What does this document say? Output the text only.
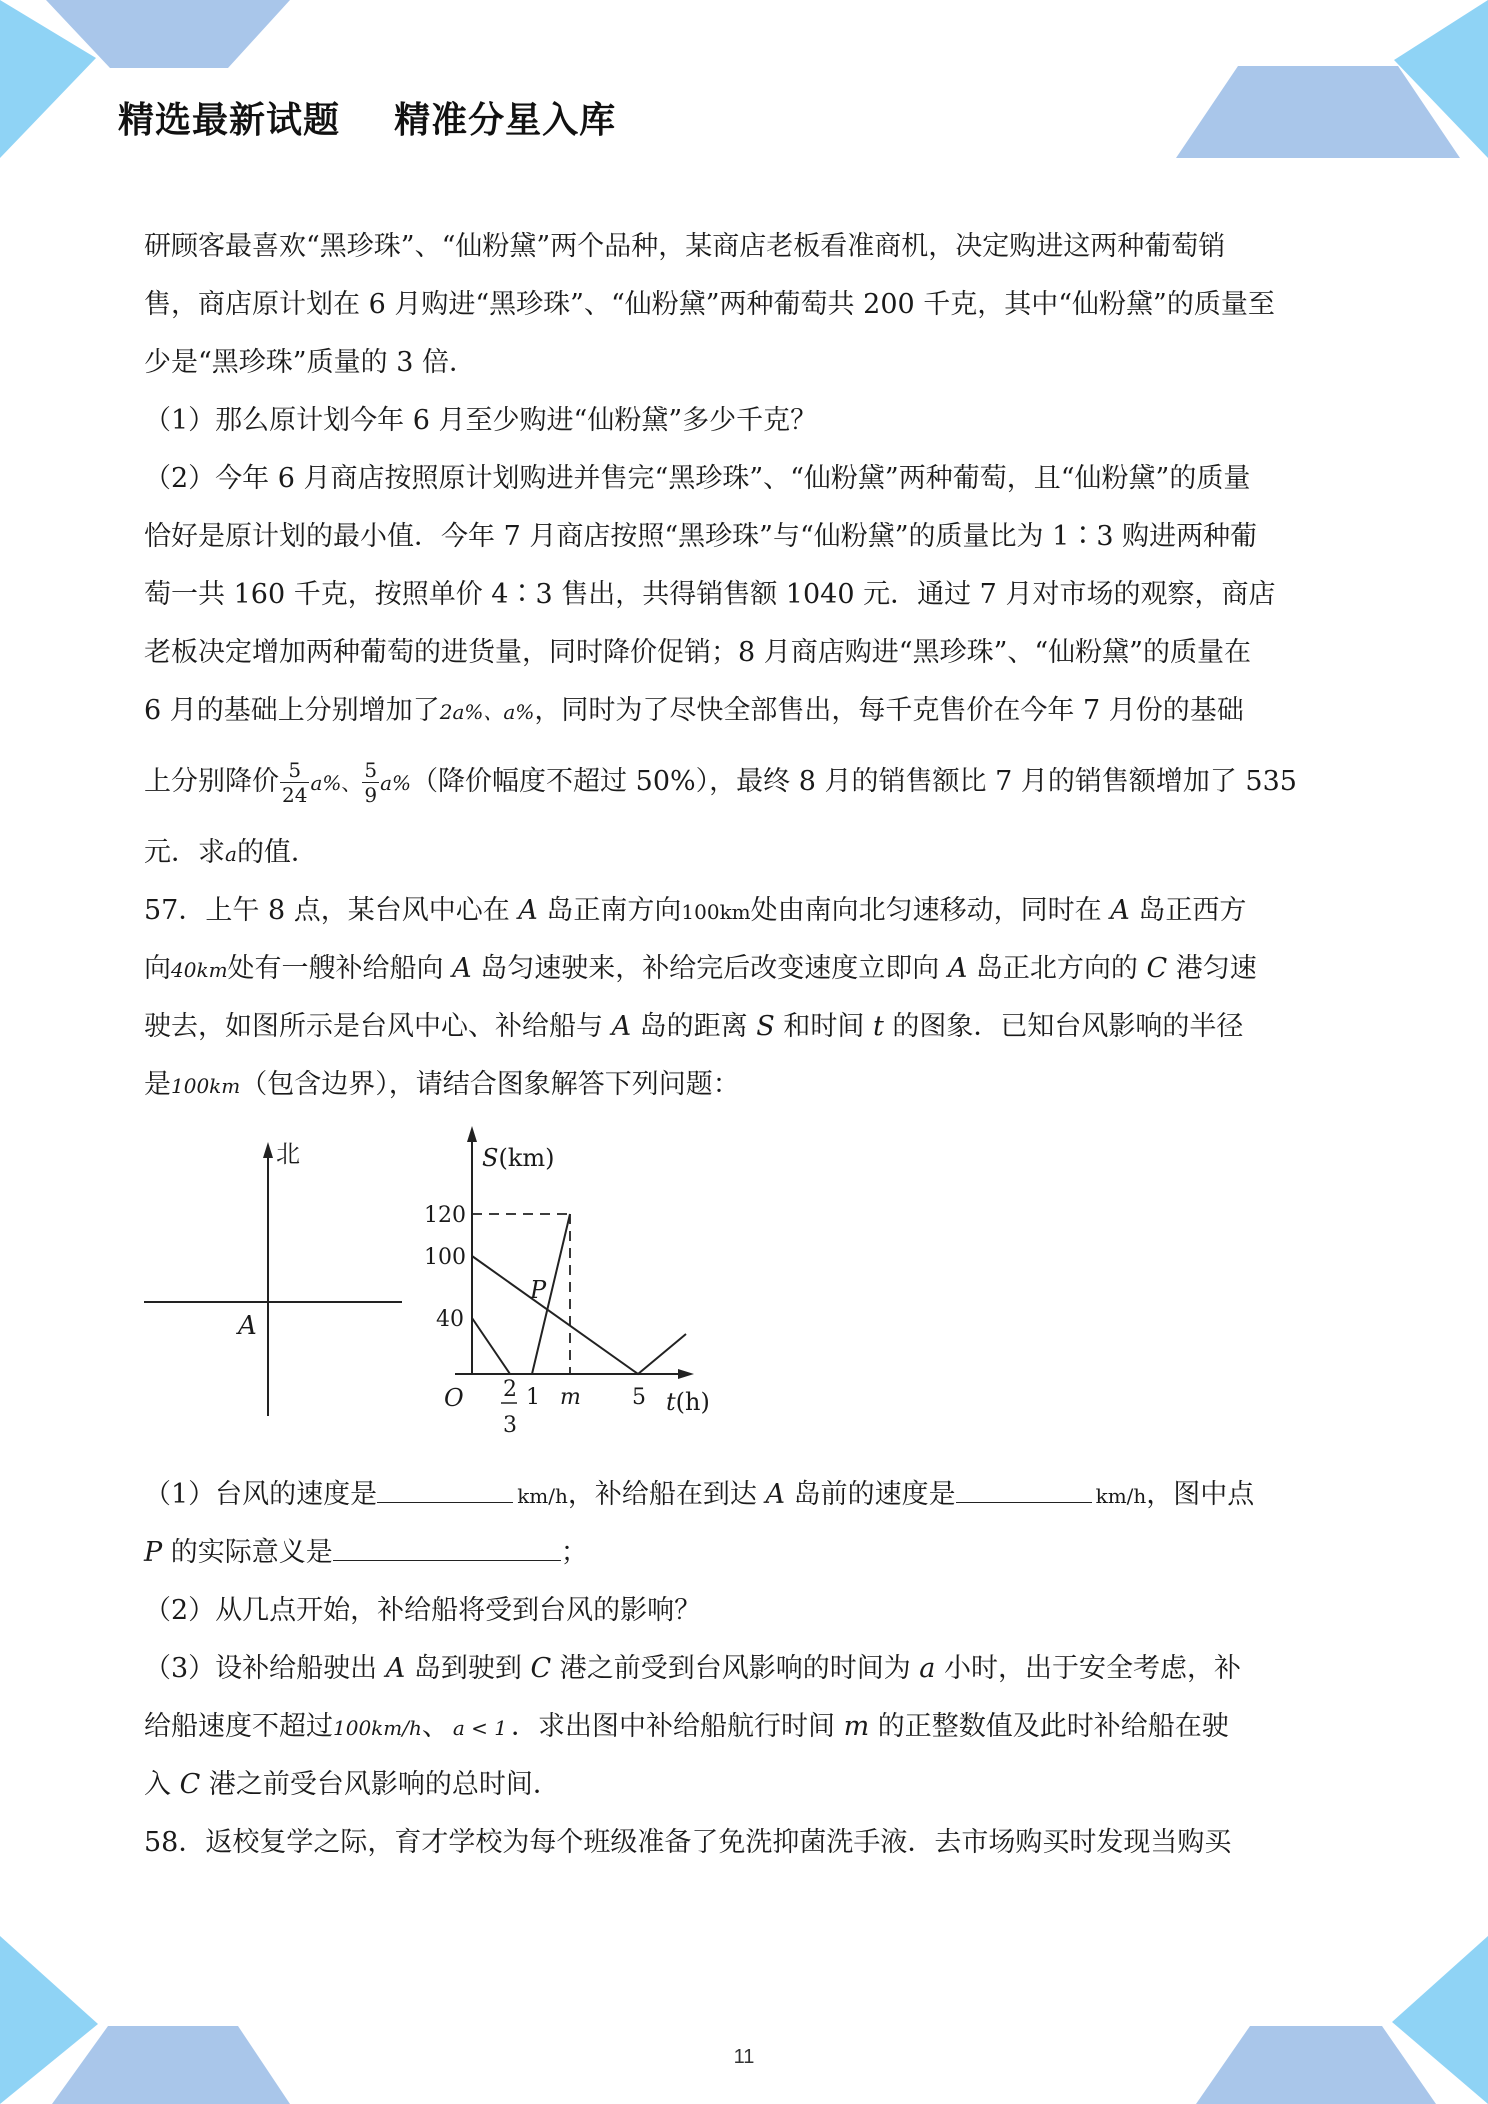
精选最新试题    精准分星入库
研顾客最喜欢“黑珍珠”、“仙粉黛”两个品种，某商店老板看准商机，决定购进这两种葡萄销
售，商店原计划在 6 月购进“黑珍珠”、“仙粉黛”两种葡萄共 200 千克，其中“仙粉黛”的质量至
少是“黑珍珠”质量的 3 倍．
（1）那么原计划今年 6 月至少购进“仙粉黛”多少千克？
（2）今年 6 月商店按照原计划购进并售完“黑珍珠”、“仙粉黛”两种葡萄，且“仙粉黛”的质量
恰好是原计划的最小值．今年 7 月商店按照“黑珍珠”与“仙粉黛”的质量比为 1∶3 购进两种葡
萄一共 160 千克，按照单价 4∶3 售出，共得销售额 1040 元．通过 7 月对市场的观察，商店
老板决定增加两种葡萄的进货量，同时降价促销；8 月商店购进“黑珍珠”、“仙粉黛”的质量在
6 月的基础上分别增加了2a%、a%，同时为了尽快全部售出，每千克售价在今年 7 月份的基础
上分别降价 $\frac{5}{24} a\%$、 $\frac{5}{9} a\%$（降价幅度不超过 50%），最终 8 月的销售额比 7 月的销售额增加了 535
元．求a的值．
57．上午 8 点，某台风中心在 A 岛正南方向100km处由南向北匀速移动，同时在 A 岛正西方
向40km处有一艘补给船向 A 岛匀速驶来，补给完后改变速度立即向 A 岛正北方向的 C 港匀速
驶去，如图所示是台风中心、补给船与 A 岛的距离 S 和时间 t 的图象．已知台风影响的半径
是100km（包含边界），请结合图象解答下列问题：
北
A
S(km)
t(h)
O
120
100
40
2
3
1 m 5
P
（1）台风的速度是	km/h，补给船在到达 A 岛前的速度是	km/h，图中点
P 的实际意义是	；
（2）从几点开始，补给船将受到台风的影响？
（3）设补给船驶出 A 岛到驶到 C 港之前受到台风影响的时间为 a 小时，出于安全考虑，补
给船速度不超过100km/h、 a < 1 ．求出图中补给船航行时间 m 的正整数值及此时补给船在驶
入 C 港之前受台风影响的总时间．
58．返校复学之际，育才学校为每个班级准备了免洗抑菌洗手液．去市场购买时发现当购买
11
